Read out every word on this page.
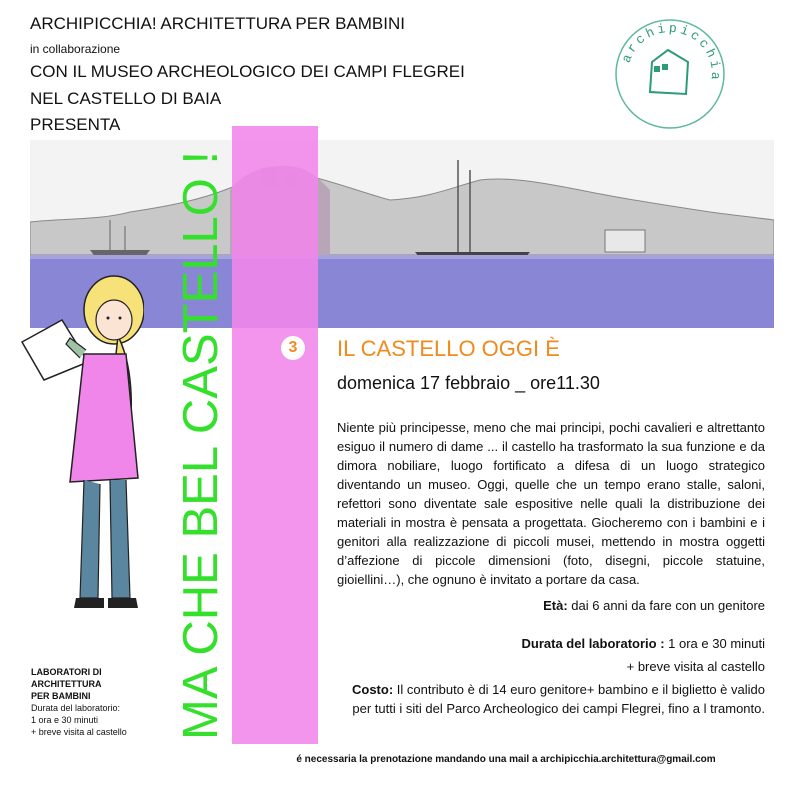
ARCHIPICCHIA! ARCHITETTURA PER BAMBINI
in collaborazione
CON IL MUSEO ARCHEOLOGICO DEI CAMPI FLEGREI
NEL CASTELLO DI BAIA
PRESENTA
archipicchia
MA CHE BEL CASTELLO !	3	IL CASTELLO OGGI È
domenica 17 febbraio _ ore11.30
Niente più principesse, meno che mai principi, pochi cavalieri e altrettanto esiguo il numero di dame ... il castello ha trasformato la sua funzione e da dimora nobiliare, luogo fortificato a difesa di un luogo strategico diventando un museo. Oggi, quelle che un tempo erano stalle, saloni, refettori sono diventate sale espositive nelle quali la distribuzione dei materiali in mostra è pensata a progettata. Giocheremo con i bambini e i genitori alla realizzazione di piccoli musei, mettendo in mostra oggetti d’affezione di piccole dimensioni (foto, disegni, piccole statuine, gioiellini…), che ognuno è invitato a portare da casa.
Età: dai 6 anni da fare con un genitore
Durata del laboratorio : 1 ora e 30 minuti
+ breve visita al castello
Costo: Il contributo è di 14 euro genitore+ bambino e il biglietto è valido per tutti i siti del Parco Archeologico dei campi Flegrei, fino a l tramonto.
LABORATORI DI
ARCHITETTURA
PER BAMBINI
Durata del laboratorio:
1 ora e 30 minuti
+ breve visita al castello
é necessaria la prenotazione mandando una mail a archipicchia.architettura@gmail.com
